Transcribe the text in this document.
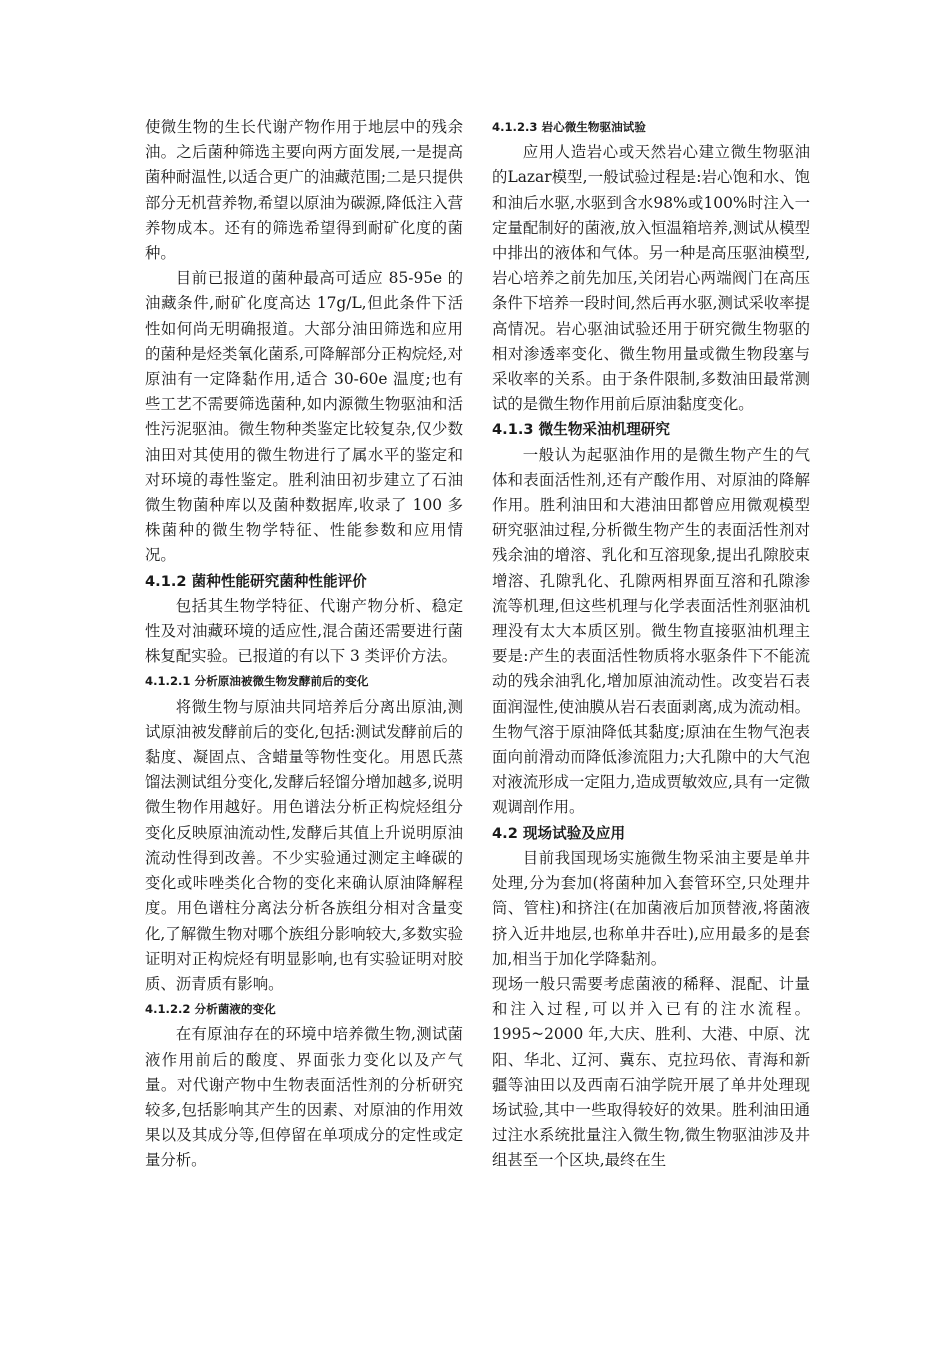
使微生物的生长代谢产物作用于地层中的残余油。之后菌种筛选主要向两方面发展,一是提高菌种耐温性,以适合更广的油藏范围;二是只提供部分无机营养物,希望以原油为碳源,降低注入营养物成本。还有的筛选希望得到耐矿化度的菌种。

目前已报道的菌种最高可适应 85-95e 的油藏条件,耐矿化度高达 17g/L,但此条件下活性如何尚无明确报道。大部分油田筛选和应用的菌种是烃类氧化菌系,可降解部分正构烷烃,对原油有一定降黏作用,适合 30-60e 温度;也有些工艺不需要筛选菌种,如内源微生物驱油和活性污泥驱油。微生物种类鉴定比较复杂,仅少数油田对其使用的微生物进行了属水平的鉴定和对环境的毒性鉴定。胜利油田初步建立了石油微生物菌种库以及菌种数据库,收录了 100 多株菌种的微生物学特征、性能参数和应用情况。

4.1.2 菌种性能研究菌种性能评价

包括其生物学特征、代谢产物分析、稳定性及对油藏环境的适应性,混合菌还需要进行菌株复配实验。已报道的有以下 3 类评价方法。

4.1.2.1 分析原油被微生物发酵前后的变化

将微生物与原油共同培养后分离出原油,测试原油被发酵前后的变化,包括:测试发酵前后的黏度、凝固点、含蜡量等物性变化。用恩氏蒸馏法测试组分变化,发酵后轻馏分增加越多,说明微生物作用越好。用色谱法分析正构烷烃组分变化反映原油流动性,发酵后其值上升说明原油流动性得到改善。不少实验通过测定主峰碳的变化或咔唑类化合物的变化来确认原油降解程度。用色谱柱分离法分析各族组分相对含量变化,了解微生物对哪个族组分影响较大,多数实验证明对正构烷烃有明显影响,也有实验证明对胶质、沥青质有影响。

4.1.2.2 分析菌液的变化

在有原油存在的环境中培养微生物,测试菌液作用前后的酸度、界面张力变化以及产气量。对代谢产物中生物表面活性剂的分析研究较多,包括影响其产生的因素、对原油的作用效果以及其成分等,但停留在单项成分的定性或定量分析。

4.1.2.3 岩心微生物驱油试验

应用人造岩心或天然岩心建立微生物驱油的Lazar模型,一般试验过程是:岩心饱和水、饱和油后水驱,水驱到含水98%或100%时注入一定量配制好的菌液,放入恒温箱培养,测试从模型中排出的液体和气体。另一种是高压驱油模型,岩心培养之前先加压,关闭岩心两端阀门在高压条件下培养一段时间,然后再水驱,测试采收率提高情况。岩心驱油试验还用于研究微生物驱的相对渗透率变化、微生物用量或微生物段塞与采收率的关系。由于条件限制,多数油田最常测试的是微生物作用前后原油黏度变化。

4.1.3 微生物采油机理研究

一般认为起驱油作用的是微生物产生的气体和表面活性剂,还有产酸作用、对原油的降解作用。胜利油田和大港油田都曾应用微观模型研究驱油过程,分析微生物产生的表面活性剂对残余油的增溶、乳化和互溶现象,提出孔隙胶束增溶、孔隙乳化、孔隙两相界面互溶和孔隙渗流等机理,但这些机理与化学表面活性剂驱油机理没有太大本质区别。微生物直接驱油机理主要是:产生的表面活性物质将水驱条件下不能流动的残余油乳化,增加原油流动性。改变岩石表面润湿性,使油膜从岩石表面剥离,成为流动相。生物气溶于原油降低其黏度;原油在生物气泡表面向前滑动而降低渗流阻力;大孔隙中的大气泡对液流形成一定阻力,造成贾敏效应,具有一定微观调剖作用。

4.2 现场试验及应用

目前我国现场实施微生物采油主要是单井处理,分为套加(将菌种加入套管环空,只处理井筒、管柱)和挤注(在加菌液后加顶替液,将菌液挤入近井地层,也称单井吞吐),应用最多的是套加,相当于加化学降黏剂。

现场一般只需要考虑菌液的稀释、混配、计量和注入过程,可以并入已有的注水流程。1995~2000 年,大庆、胜利、大港、中原、沈阳、华北、辽河、冀东、克拉玛依、青海和新疆等油田以及西南石油学院开展了单井处理现场试验,其中一些取得较好的效果。胜利油田通过注水系统批量注入微生物,微生物驱油涉及井组甚至一个区块,最终在生
